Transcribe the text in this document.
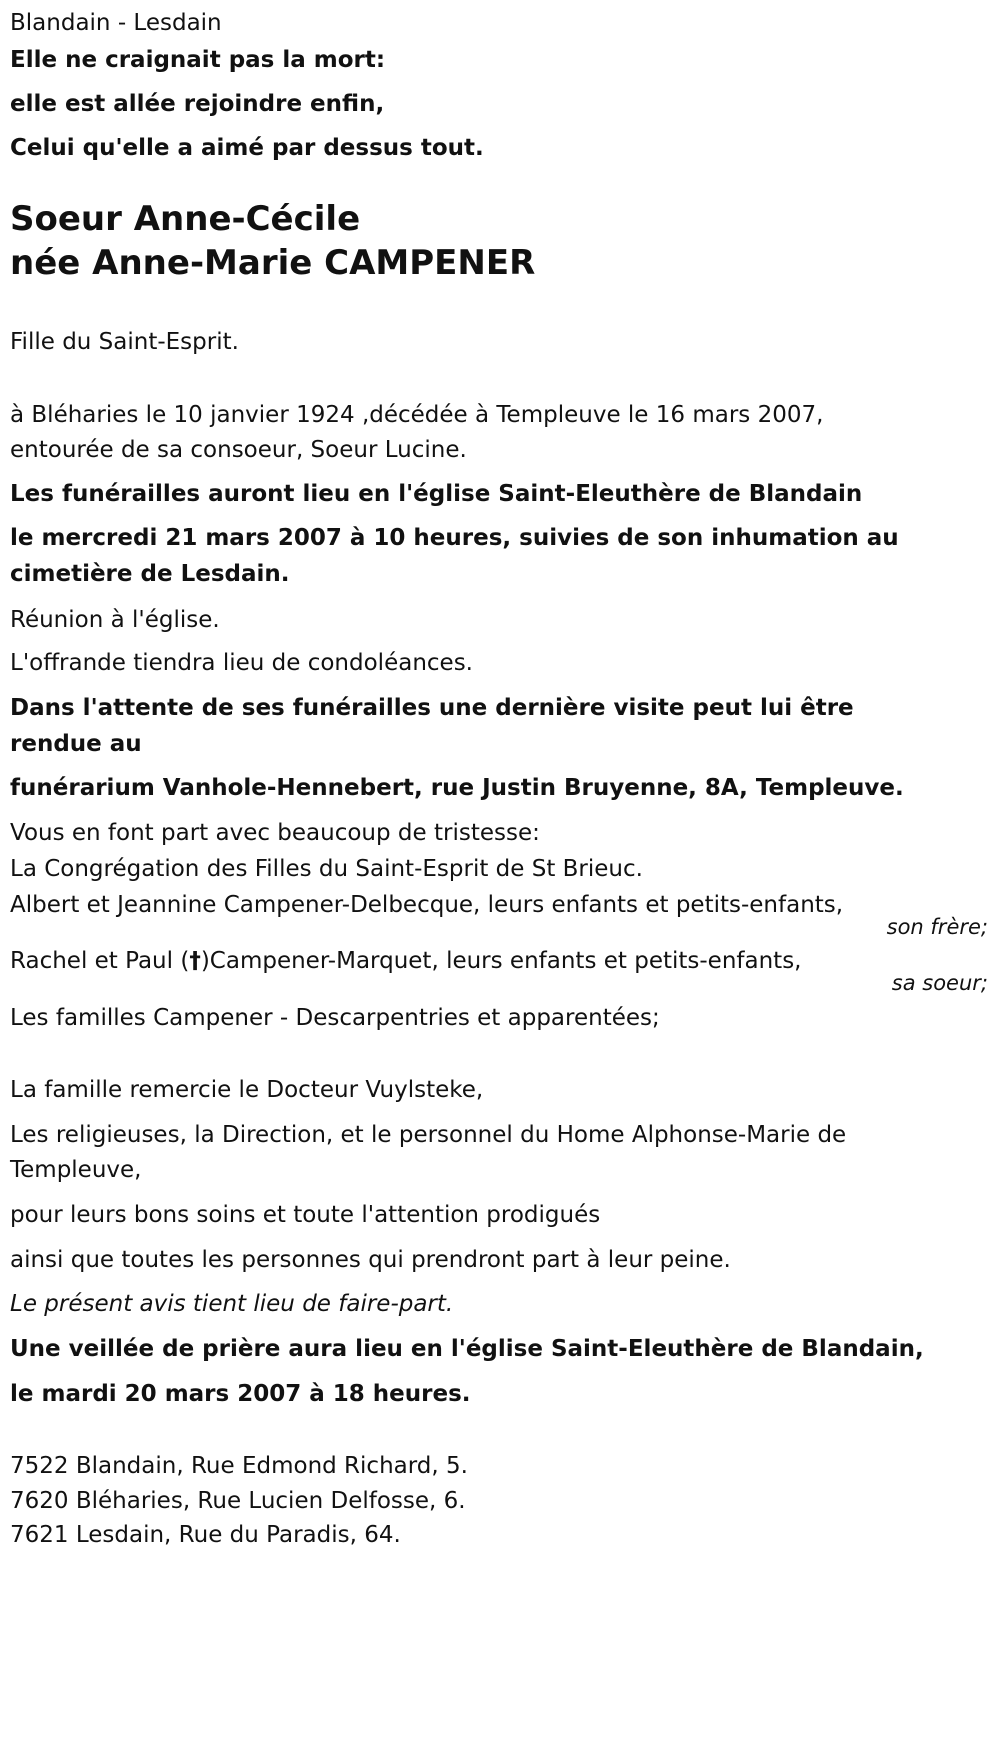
Blandain - Lesdain
Elle ne craignait pas la mort:
elle est allée rejoindre enfin,
Celui qu'elle a aimé par dessus tout.
Soeur Anne-Cécile
née Anne-Marie CAMPENER
Fille du Saint-Esprit.
à Bléharies le 10 janvier 1924 ,décédée à Templeuve le 16 mars 2007,
entourée de sa consoeur, Soeur Lucine.
Les funérailles auront lieu en l'église Saint-Eleuthère de Blandain
le mercredi 21 mars 2007 à 10 heures, suivies de son inhumation au
cimetière de Lesdain.
Réunion à l'église.
L'offrande tiendra lieu de condoléances.
Dans l'attente de ses funérailles une dernière visite peut lui être
rendue au
funérarium Vanhole-Hennebert, rue Justin Bruyenne, 8A, Templeuve.
Vous en font part avec beaucoup de tristesse:
La Congrégation des Filles du Saint-Esprit de St Brieuc.
Albert et Jeannine Campener-Delbecque, leurs enfants et petits-enfants,
son frère;
Rachel et Paul (†)Campener-Marquet, leurs enfants et petits-enfants,
sa soeur;
Les familles Campener - Descarpentries et apparentées;
La famille remercie le Docteur Vuylsteke,
Les religieuses, la Direction, et le personnel du Home Alphonse-Marie de
Templeuve,
pour leurs bons soins et toute l'attention prodigués
ainsi que toutes les personnes qui prendront part à leur peine.
Le présent avis tient lieu de faire-part.
Une veillée de prière aura lieu en l'église Saint-Eleuthère de Blandain,
le mardi 20 mars 2007 à 18 heures.
7522 Blandain, Rue Edmond Richard, 5.
7620 Bléharies, Rue Lucien Delfosse, 6.
7621 Lesdain, Rue du Paradis, 64.
